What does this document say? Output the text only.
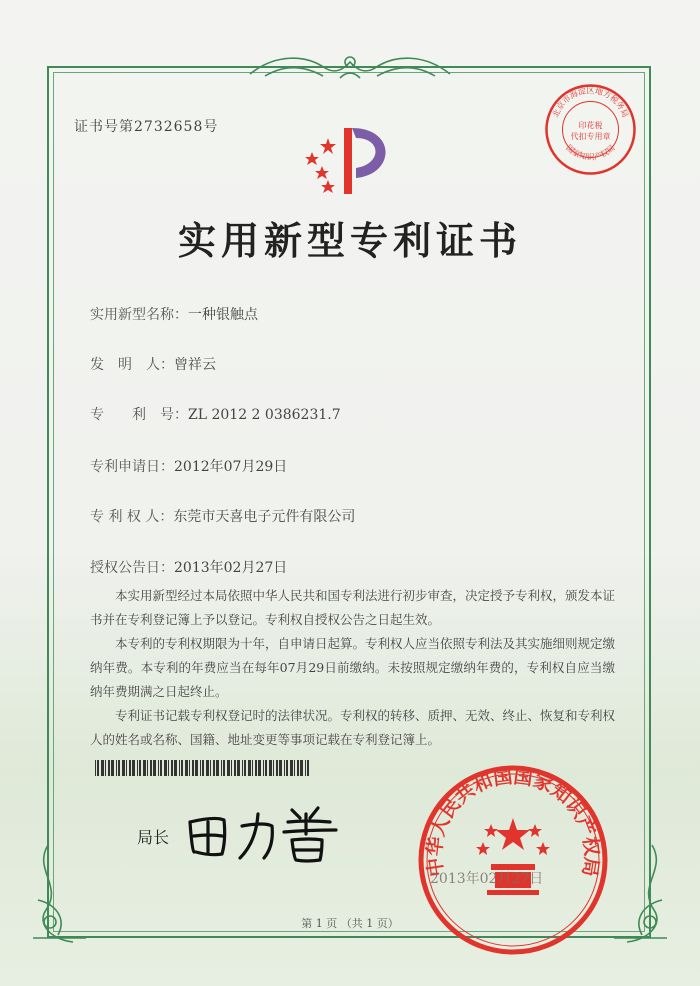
证书号第2732658号
实用新型专利证书
实用新型名称：一种银触点
发　明　人：曾祥云
专　　利　号：ZL 2012 2 0386231.7
专利申请日：2012年07月29日
专 利 权 人：东莞市天喜电子元件有限公司
授权公告日：2013年02月27日

本实用新型经过本局依照中华人民共和国专利法进行初步审查，决定授予专利权，颁发本证书并在专利登记簿上予以登记。专利权自授权公告之日起生效。

本专利的专利权期限为十年，自申请日起算。专利权人应当依照专利法及其实施细则规定缴纳年费。本专利的年费应当在每年07月29日前缴纳。未按照规定缴纳年费的，专利权自应当缴纳年费期满之日起终止。

专利证书记载专利权登记时的法律状况。专利权的转移、质押、无效、终止、恢复和专利权人的姓名或名称、国籍、地址变更等事项记载在专利登记簿上。

局长
中华人民共和国国家知识产权局
2013年02月27日
北京市海淀区地方税务局
国家知识产权局
印花税
代扣专用章
第 1 页 （共 1 页）
